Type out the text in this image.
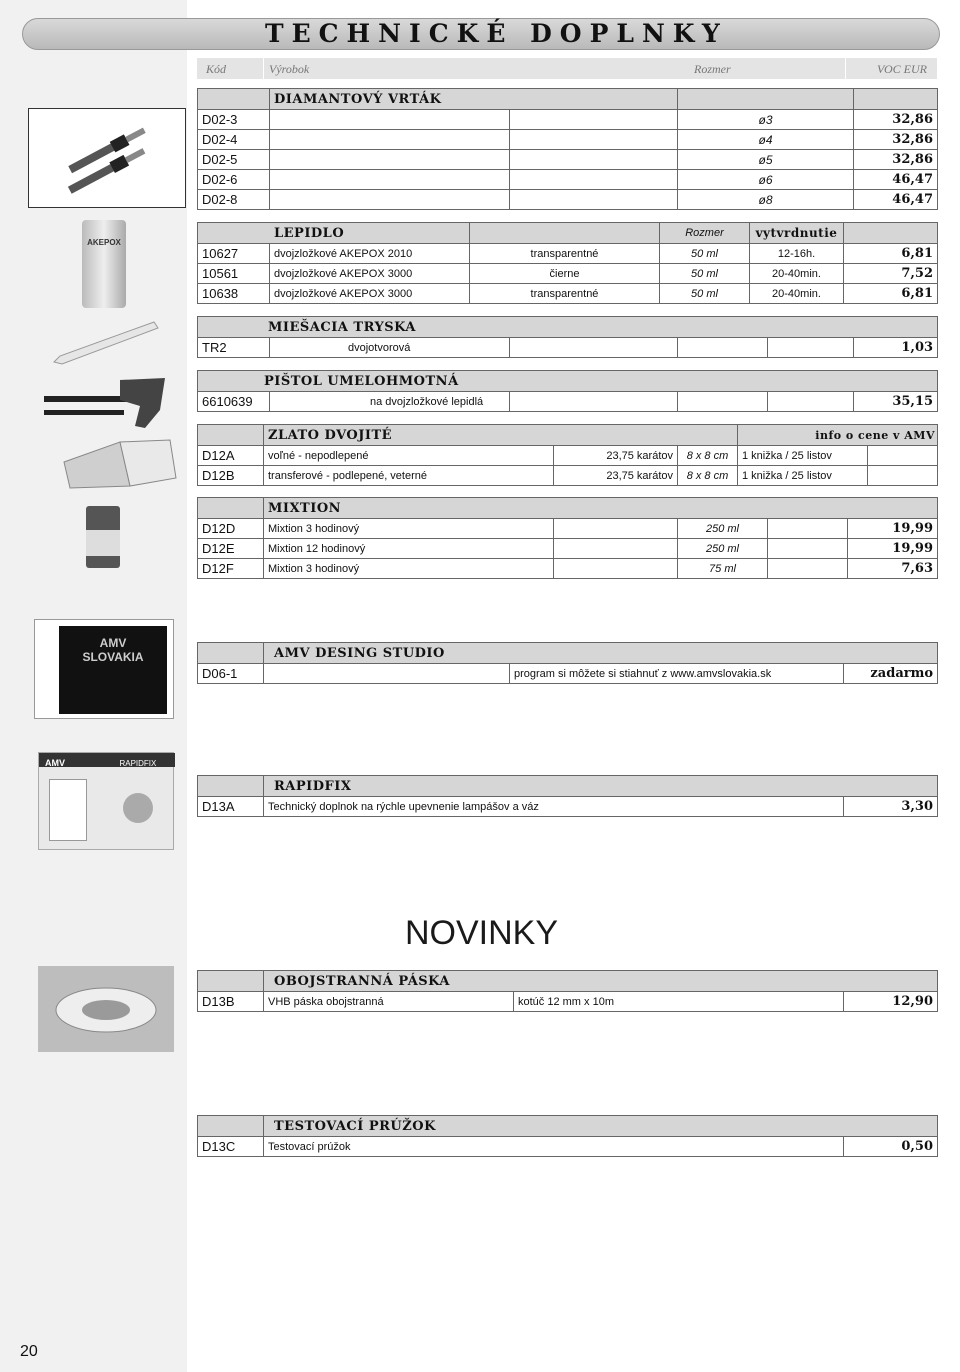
TECHNICKÉ DOPLNKY
Kód	Výrobok	Rozmer	VOC EUR
	DIAMANTOVÝ VRTÁK			
D02-3			ø3	32,86
D02-4			ø4	32,86
D02-5			ø5	32,86
D02-6			ø6	46,47
D02-8			ø8	46,47
LEPIDLO			Rozmer	vytvrdnutie	
10627	dvojzložkové AKEPOX 2010	transparentné	50 ml	12-16h.	6,81
10561	dvojzložkové AKEPOX 3000	čierne	50 ml	20-40min.	7,52
10638	dvojzložkové AKEPOX 3000	transparentné	50 ml	20-40min.	6,81
MIEŠACIA TRYSKA
TR2	dvojotvorová				1,03
PIŠTOL UMELOHMOTNÁ
6610639	na dvojzložkové lepidlá				35,15
	ZLATO DVOJITÉ			info o cene v AMV	
D12A	voľné - nepodlepené	23,75 karátov	8 x 8 cm	1 knižka / 25 listov	
D12B	transferové - podlepené, veterné	23,75 karátov	8 x 8 cm	1 knižka / 25 listov	
	MIXTION				
D12D	Mixtion 3 hodinový		250 ml		19,99
D12E	Mixtion 12 hodinový		250 ml		19,99
D12F	Mixtion 3 hodinový		75 ml		7,63
	AMV DESING STUDIO		
D06-1		program si môžete si stiahnuť z www.amvslovakia.sk	zadarmo
	RAPIDFIX	
D13A	Technický doplnok na rýchle upevnenie lampášov a váz	3,30
NOVINKY
	OBOJSTRANNÁ PÁSKA		
D13B	VHB páska obojstranná	kotúč 12 mm x 10m	12,90
	TESTOVACÍ PRÚŽOK	
D13C	Testovací prúžok	0,50
AKEPOX
AMV
SLOVAKIA
AMV	RAPIDFIX
20
